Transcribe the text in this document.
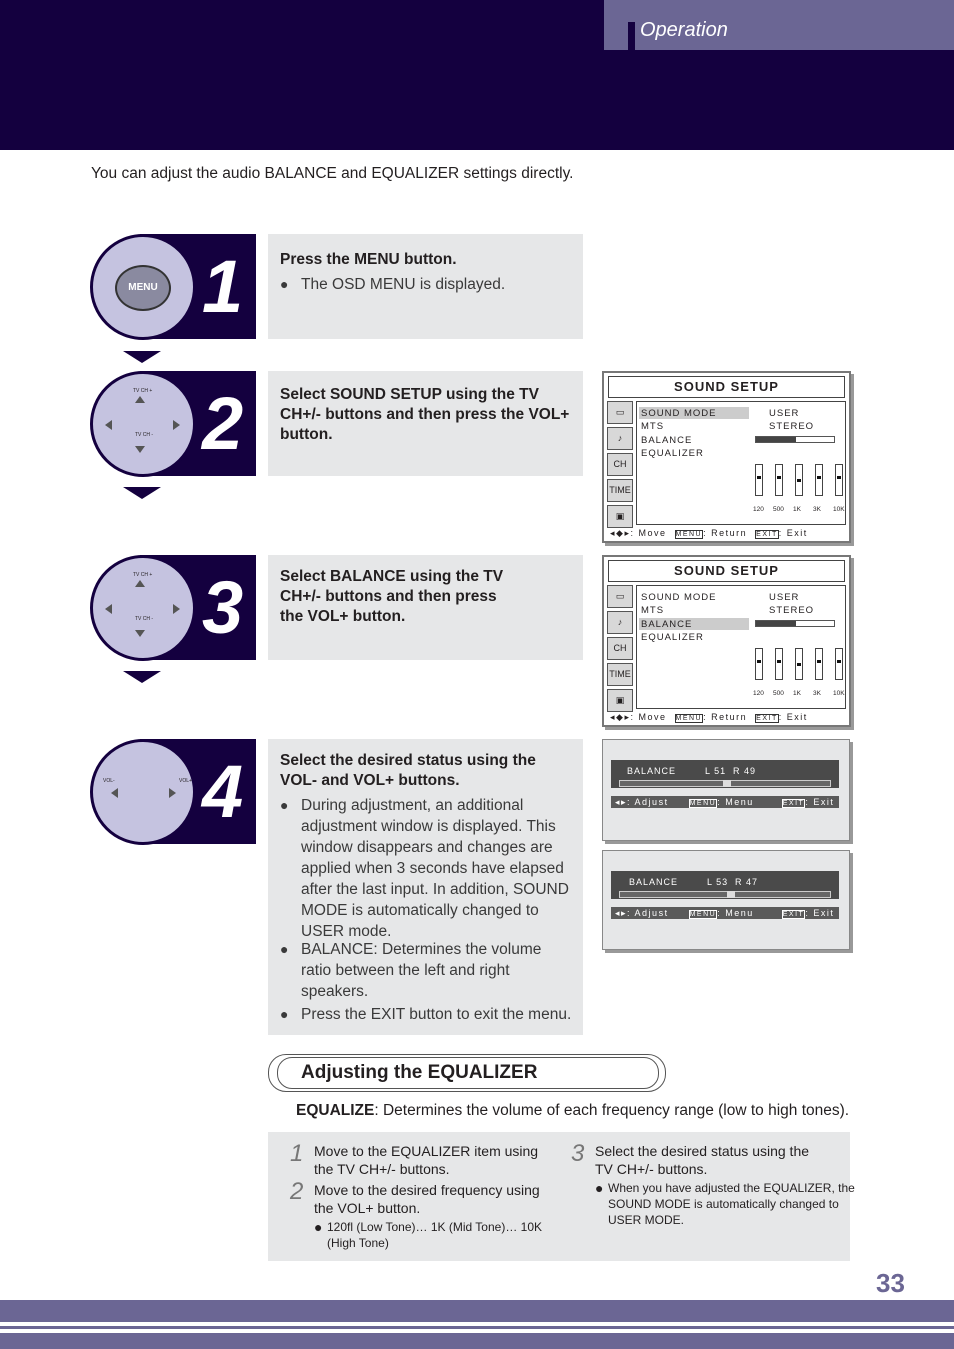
Operation
You can adjust the audio BALANCE and EQUALIZER settings directly.
MENU 1 Press the MENU button.
● The OSD MENU is displayed.
TV CH +
TV CH - 2 Select SOUND SETUP using the TV CH+/- buttons and then press the VOL+ button.
SOUND SETUP
▭
♪
CH
TIME
▣
SOUND MODE
MTS
BALANCE
EQUALIZER
USER
STEREO
120 500 1K 3K 10K
◂◆▸: Move MENU: Return EXIT: Exit
TV CH +
TV CH - 3 Select BALANCE using the TV CH+/- buttons and then press the VOL+ button.
SOUND SETUP
▭
♪
CH
TIME
▣
SOUND MODE
MTS
BALANCE
EQUALIZER
USER
STEREO
120 500 1K 3K 10K
◂◆▸: Move MENU: Return EXIT: Exit
VOL-	VOL+ 4 Select the desired status using the VOL- and VOL+ buttons.
● During adjustment, an additional adjustment window is displayed. This window disappears and changes are applied when 3 seconds have elapsed after the last input. In addition, SOUND MODE is automatically changed to USER mode.
● BALANCE: Determines the volume ratio between the left and right speakers.
● Press the EXIT button to exit the menu.
BALANCE	L 51 R 49
◂▸: Adjust	MENU: Menu	EXIT: Exit
BALANCE	L 53 R 47
◂▸: Adjust	MENU: Menu	EXIT: Exit
Adjusting the EQUALIZER
EQUALIZE: Determines the volume of each frequency range (low to high tones).
1 Move to the EQUALIZER item using the TV CH+/- buttons.
2 Move to the desired frequency using the VOL+ button.
● 120fl (Low Tone)… 1K (Mid Tone)… 10K (High Tone)
3 Select the desired status using the TV CH+/- buttons.
● When you have adjusted the EQUALIZER, the SOUND MODE is automatically changed to USER MODE.
33
